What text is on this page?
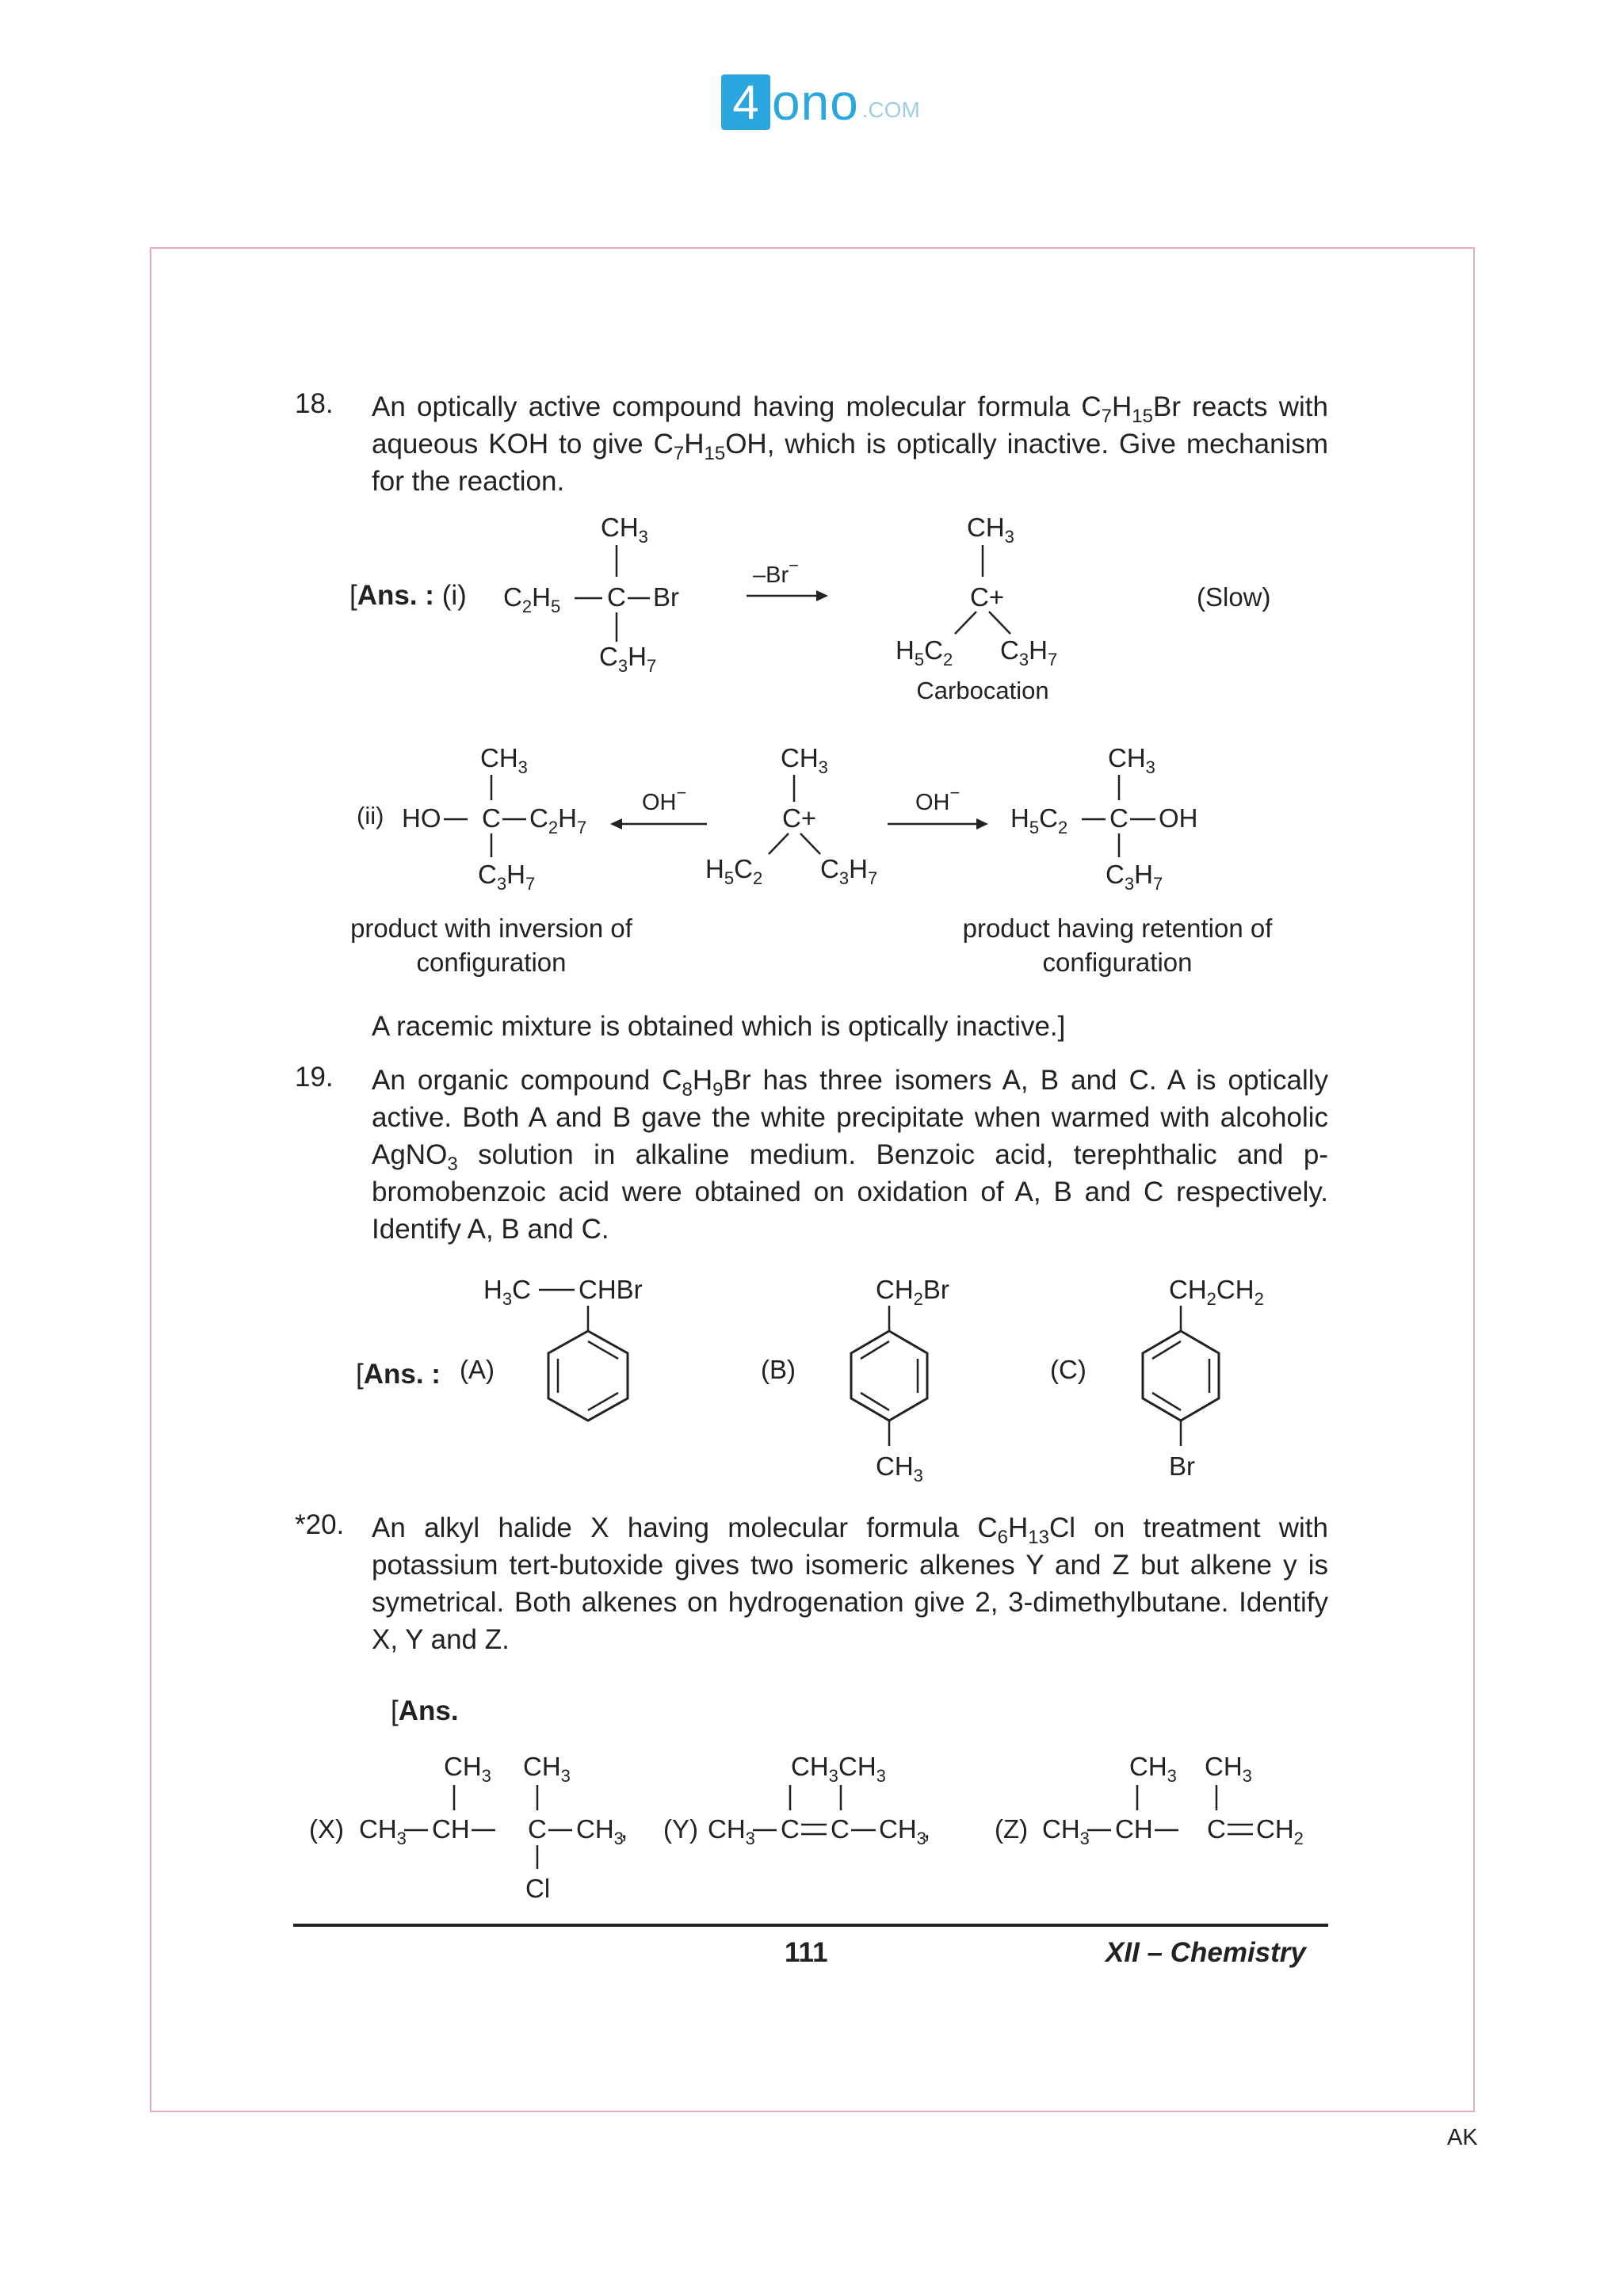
4 ono .COM
18. An optically active compound having molecular formula $C_7H_{15}Br$ reacts with aqueous KOH to give $C_7H_{15}OH$, which is optically inactive. Give mechanism for the reaction.
[Ans. : (i) $C_2H_5$
$CH_3$
C Br
$C_3H_7$
–Br−
$CH_3$
C+
$H_5C_2$ $C_3H_7$
Carbocation
(Slow)
(ii) HO
$CH_3$
C $C_2H_7$
$C_3H_7$
OH−
$CH_3$
C+
$H_5C_2$ $C_3H_7$
OH−
$H_5C_2$
$CH_3$
C OH
$C_3H_7$
product with inversion of configuration
product having retention of configuration
A racemic mixture is obtained which is optically inactive.]
19. An organic compound $C_8H_9Br$ has three isomers A, B and C. A is optically active. Both A and B gave the white precipitate when warmed with alcoholic AgNO$_3$ solution in alkaline medium. Benzoic acid, terephthalic and p-bromobenzoic acid were obtained on oxidation of A, B and C respectively. Identify A, B and C.
[Ans. : (A)
$H_3C$ CHBr
(B)
$CH_2Br$
$CH_3$
(C)
$CH_2CH_2$
Br
*20. An alkyl halide X having molecular formula $C_6H_{13}Cl$ on treatment with potassium tert-butoxide gives two isomeric alkenes Y and Z but alkene y is symetrical. Both alkenes on hydrogenation give 2, 3-dimethylbutane. Identify X, Y and Z.
[Ans.
(X) $CH_3$
$CH_3$
CH
$CH_3$
C $CH_3$
,
Cl
(Y) $CH_3$
$CH_3$
C
$CH_3$
C $CH_3$
, (Z) $CH_3$
$CH_3$
CH
$CH_3$
C $CH_2$
111	XII – Chemistry
AK
